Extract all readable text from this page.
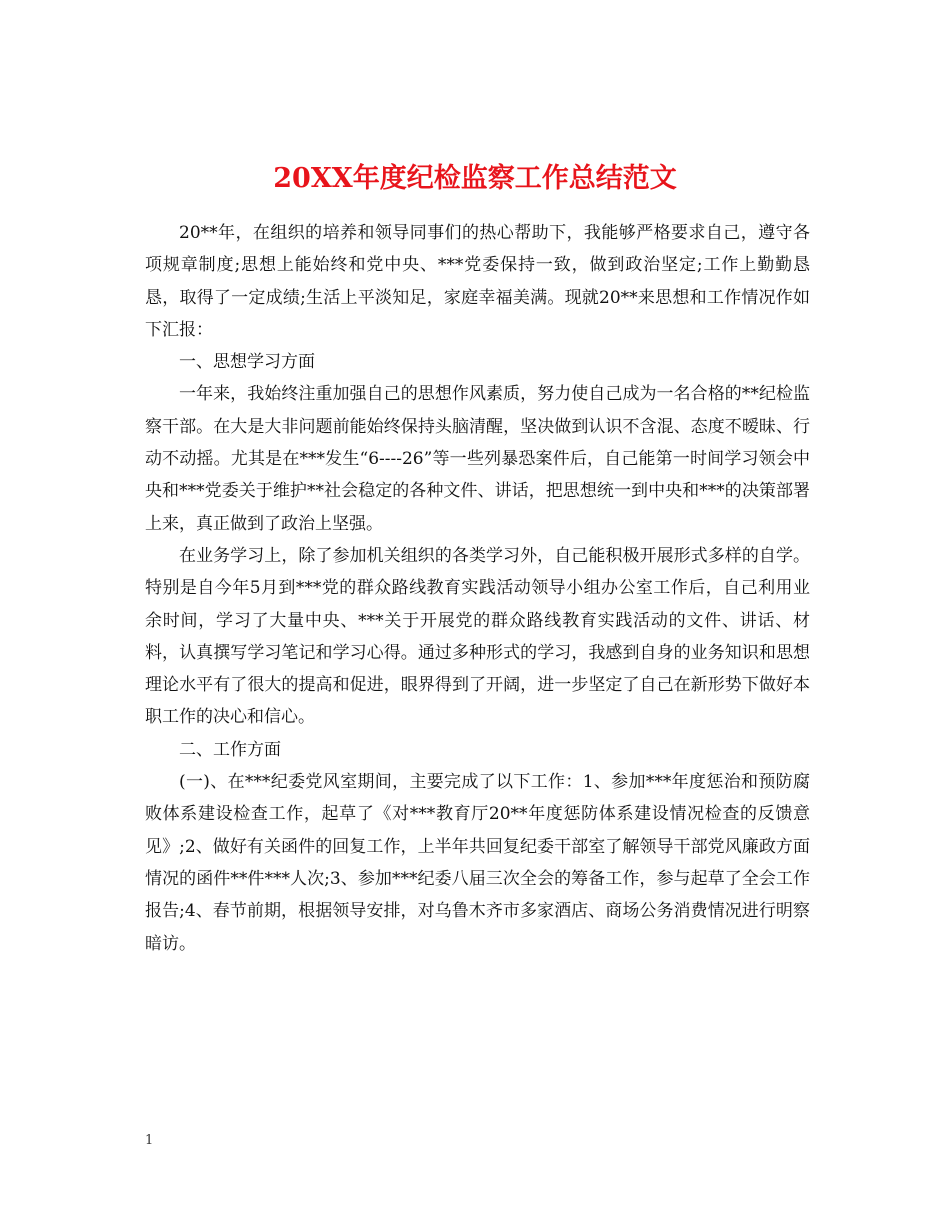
20XX年度纪检监察工作总结范文

20**年，在组织的培养和领导同事们的热心帮助下，我能够严格要求自己，遵守各项规章制度;思想上能始终和党中央、***党委保持一致，做到政治坚定;工作上勤勤恳恳，取得了一定成绩;生活上平淡知足，家庭幸福美满。现就20**来思想和工作情况作如下汇报：

一、思想学习方面

一年来，我始终注重加强自己的思想作风素质，努力使自己成为一名合格的**纪检监察干部。在大是大非问题前能始终保持头脑清醒，坚决做到认识不含混、态度不暧昧、行动不动摇。尤其是在***发生“6----26”等一些列暴恐案件后，自己能第一时间学习领会中央和***党委关于维护**社会稳定的各种文件、讲话，把思想统一到中央和***的决策部署上来，真正做到了政治上坚强。

在业务学习上，除了参加机关组织的各类学习外，自己能积极开展形式多样的自学。特别是自今年5月到***党的群众路线教育实践活动领导小组办公室工作后，自己利用业余时间，学习了大量中央、***关于开展党的群众路线教育实践活动的文件、讲话、材料，认真撰写学习笔记和学习心得。通过多种形式的学习，我感到自身的业务知识和思想理论水平有了很大的提高和促进，眼界得到了开阔，进一步坚定了自己在新形势下做好本职工作的决心和信心。

二、工作方面

(一)、在***纪委党风室期间，主要完成了以下工作：1、参加***年度惩治和预防腐败体系建设检查工作，起草了《对***教育厅20**年度惩防体系建设情况检查的反馈意见》;2、做好有关函件的回复工作，上半年共回复纪委干部室了解领导干部党风廉政方面情况的函件**件***人次;3、参加***纪委八届三次全会的筹备工作，参与起草了全会工作报告;4、春节前期，根据领导安排，对乌鲁木齐市多家酒店、商场公务消费情况进行明察暗访。

1
